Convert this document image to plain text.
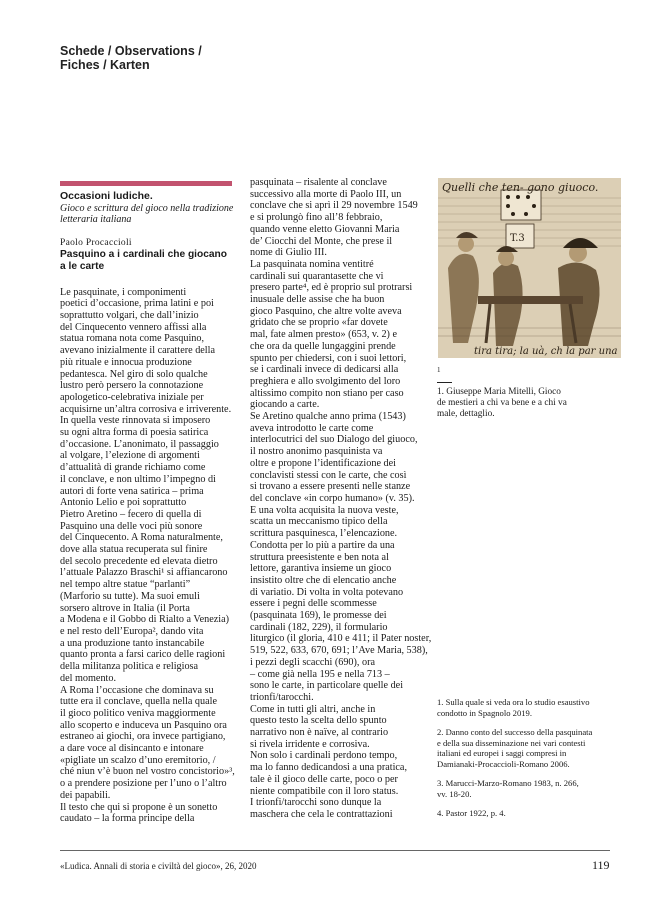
Schede / Observations /
Fiches / Karten
Occasioni ludiche.
Gioco e scrittura del gioco nella tradizione
letteraria italiana
Paolo Procaccioli
Pasquino a i cardinali che giocano
a le carte
Le pasquinate, i componimenti
poetici d’occasione, prima latini e poi
soprattutto volgari, che dall’inizio
del Cinquecento vennero affissi alla
statua romana nota come Pasquino,
avevano inizialmente il carattere della
più rituale e innocua produzione
pedantesca. Nel giro di solo qualche
lustro però persero la connotazione
apologetico-celebrativa iniziale per
acquisirne un’altra corrosiva e irriverente.
In quella veste rinnovata si imposero
su ogni altra forma di poesia satirica
d’occasione. L’anonimato, il passaggio
al volgare, l’elezione di argomenti
d’attualità di grande richiamo come
il conclave, e non ultimo l’impegno di
autori di forte vena satirica – prima
Antonio Lelio e poi soprattutto
Pietro Aretino – fecero di quella di
Pasquino una delle voci più sonore
del Cinquecento. A Roma naturalmente,
dove alla statua recuperata sul finire
del secolo precedente ed elevata dietro
l’attuale Palazzo Braschi¹ si affiancarono
nel tempo altre statue “parlanti”
(Marforio su tutte). Ma suoi emuli
sorsero altrove in Italia (il Porta
a Modena e il Gobbo di Rialto a Venezia)
e nel resto dell’Europa², dando vita
a una produzione tanto instancabile
quanto pronta a farsi carico delle ragioni
della militanza politica e religiosa
del momento.
A Roma l’occasione che dominava su
tutte era il conclave, quella nella quale
il gioco politico veniva maggiormente
allo scoperto e induceva un Pasquino ora
estraneo ai giochi, ora invece partigiano,
a dare voce al disincanto e intonare
«pigliate un scalzo d’uno eremitorio, /
ché niun v’è buon nel vostro concistorio»³,
o a prendere posizione per l’uno o l’altro
dei papabili.
Il testo che qui si propone è un sonetto
caudato – la forma principe della
pasquinata – risalente al conclave
successivo alla morte di Paolo III, un
conclave che si aprì il 29 novembre 1549
e si prolungò fino all’8 febbraio,
quando venne eletto Giovanni Maria
de’ Ciocchi del Monte, che prese il
nome di Giulio III.
La pasquinata nomina ventitré
cardinali sui quarantasette che vi
presero parte⁴, ed è proprio sul protrarsi
inusuale delle assise che ha buon
gioco Pasquino, che altre volte aveva
gridato che se proprio «far dovete
mal, fate almen presto» (653, v. 2) e
che ora da quelle lungaggini prende
spunto per chiedersi, con i suoi lettori,
se i cardinali invece di dedicarsi alla
preghiera e allo svolgimento del loro
altissimo compito non stiano per caso
giocando a carte.
Se Aretino qualche anno prima (1543)
aveva introdotto le carte come
interlocutrici del suo Dialogo del giuoco,
il nostro anonimo pasquinista va
oltre e propone l’identificazione dei
conclavisti stessi con le carte, che così
si trovano a essere presenti nelle stanze
del conclave «in corpo humano» (v. 35).
E una volta acquisita la nuova veste,
scatta un meccanismo tipico della
scrittura pasquinesca, l’elencazione.
Condotta per lo più a partire da una
struttura preesistente e ben nota al
lettore, garantiva insieme un gioco
insistito oltre che di elencatio anche
di variatio. Di volta in volta potevano
essere i pegni delle scommesse
(pasquinata 169), le promesse dei
cardinali (182, 229), il formulario
liturgico (il gloria, 410 e 411; il Pater noster,
519, 522, 633, 670, 691; l’Ave Maria, 538),
i pezzi degli scacchi (690), ora
– come già nella 195 e nella 713 –
sono le carte, in particolare quelle dei
trionfi/tarocchi.
Come in tutti gli altri, anche in
questo testo la scelta dello spunto
narrativo non è naïve, al contrario
si rivela irridente e corrosiva.
Non solo i cardinali perdono tempo,
ma lo fanno dedicandosi a una pratica,
tale è il gioco delle carte, poco o per
niente compatibile con il loro status.
I trionfi/tarocchi sono dunque la
maschera che cela le contrattazioni
Quelli che ten- gono giuoco.
T.3
tira tira; la uà, ch la par una
1
1. Giuseppe Maria Mitelli, Gioco
de mestieri a chi va bene e a chi va
male, dettaglio.
1. Sulla quale si veda ora lo studio esaustivo
condotto in Spagnolo 2019.
2. Danno conto del successo della pasquinata
e della sua disseminazione nei vari contesti
italiani ed europei i saggi compresi in
Damianaki-Procaccioli-Romano 2006.
3. Marucci-Marzo-Romano 1983, n. 266,
vv. 18-20.
4. Pastor 1922, p. 4.
«Ludica. Annali di storia e civiltà del gioco», 26, 2020	119
